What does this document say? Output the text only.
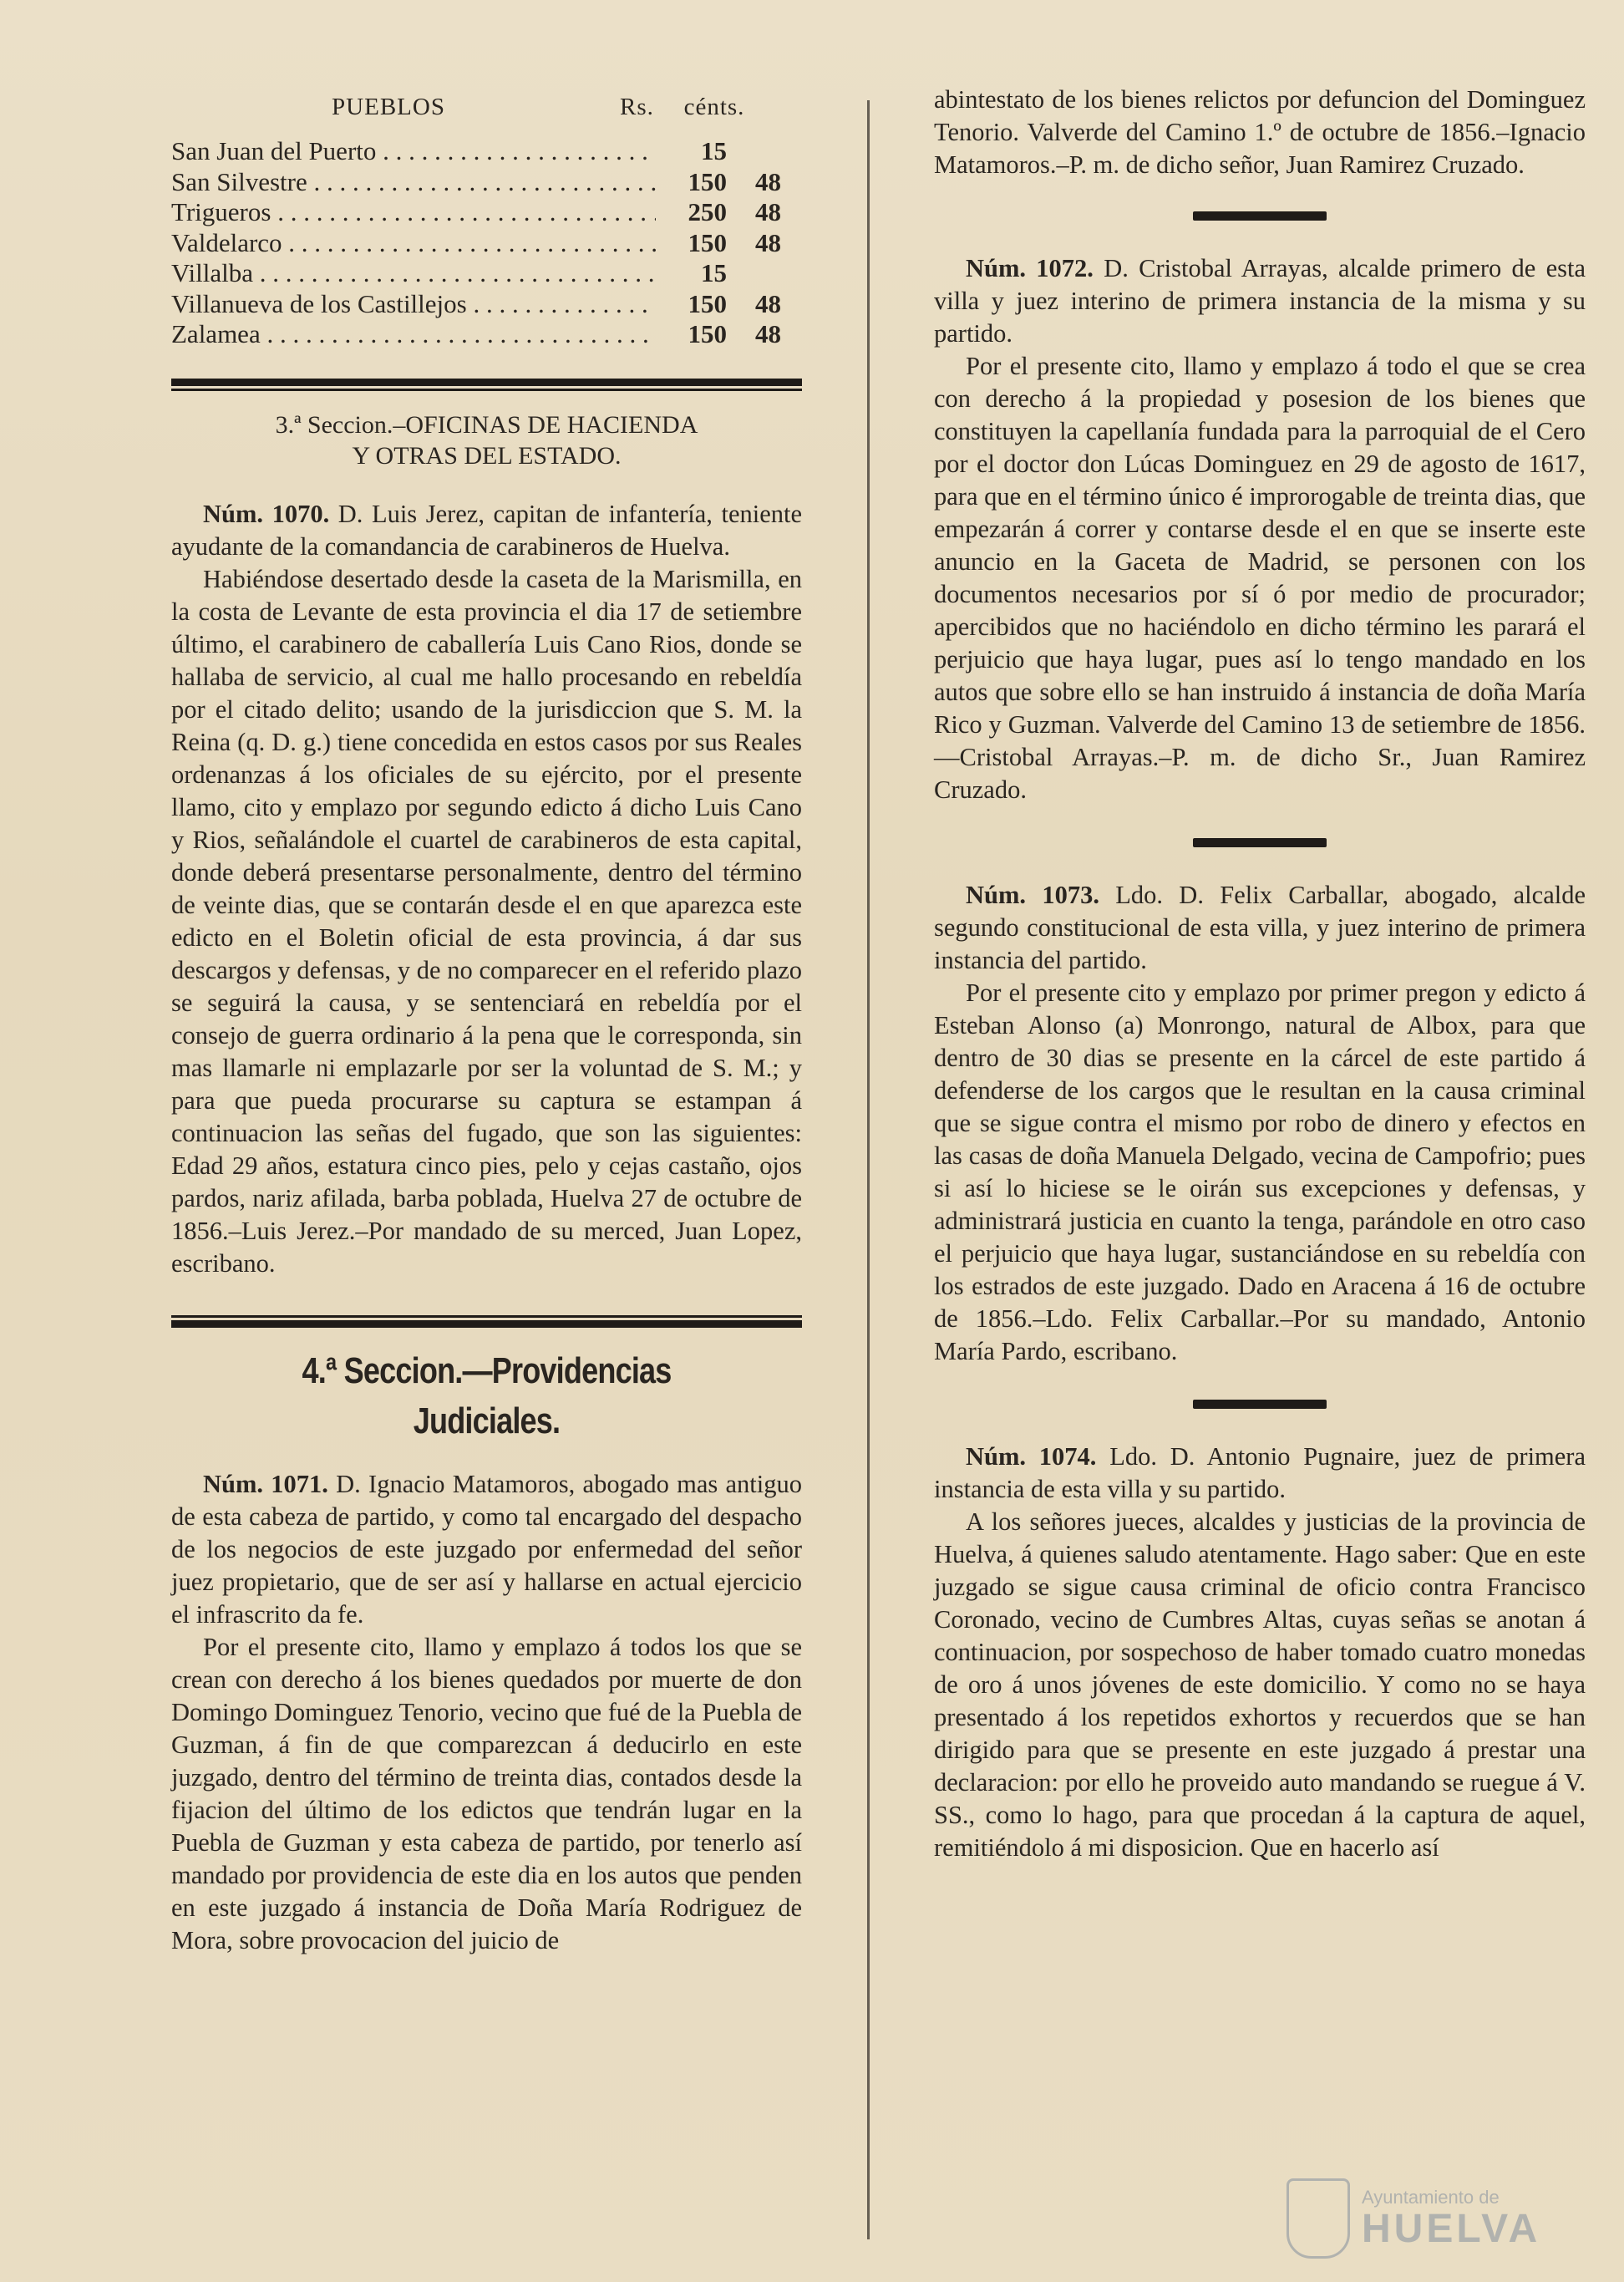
PUEBLOS	Rs.	cénts.
San Juan del Puerto . . .	15
San Silvestre . . .	150	48
Trigueros . . .	250	48
Valdelarco . . .	150	48
Villalba . . .	15
Villanueva de los Castillejos . . .	150	48
Zalamea . . .	150	48

3.ª Seccion.–OFICINAS DE HACIENDA

Y OTRAS DEL ESTADO.

Núm. 1070. D. Luis Jerez, capitan de infantería, teniente ayudante de la comandancia de carabineros de Huelva.

Habiéndose desertado desde la caseta de la Marismilla, en la costa de Levante de esta provincia el dia 17 de setiembre último, el carabinero de caballería Luis Cano Rios, donde se hallaba de servicio, al cual me hallo procesando en rebeldía por el citado delito; usando de la jurisdiccion que S. M. la Reina (q. D. g.) tiene concedida en estos casos por sus Reales ordenanzas á los oficiales de su ejército, por el presente llamo, cito y emplazo por segundo edicto á dicho Luis Cano y Rios, señalándole el cuartel de carabineros de esta capital, donde deberá presentarse personalmente, dentro del término de veinte dias, que se contarán desde el en que aparezca este edicto en el Boletin oficial de esta provincia, á dar sus descargos y defensas, y de no comparecer en el referido plazo se seguirá la causa, y se sentenciará en rebeldía por el consejo de guerra ordinario á la pena que le corresponda, sin mas llamarle ni emplazarle por ser la voluntad de S. M.; y para que pueda procurarse su captura se estampan á continuacion las señas del fugado, que son las siguientes: Edad 29 años, estatura cinco pies, pelo y cejas castaño, ojos pardos, nariz afilada, barba poblada, Huelva 27 de octubre de 1856.–Luis Jerez.–Por mandado de su merced, Juan Lopez, escribano.

4.ª Seccion.—Providencias Judiciales.

Núm. 1071. D. Ignacio Matamoros, abogado mas antiguo de esta cabeza de partido, y como tal encargado del despacho de los negocios de este juzgado por enfermedad del señor juez propietario, que de ser así y hallarse en actual ejercicio el infrascrito da fe.

Por el presente cito, llamo y emplazo á todos los que se crean con derecho á los bienes quedados por muerte de don Domingo Dominguez Tenorio, vecino que fué de la Puebla de Guzman, á fin de que comparezcan á deducirlo en este juzgado, dentro del término de treinta dias, contados desde la fijacion del último de los edictos que tendrán lugar en la Puebla de Guzman y esta cabeza de partido, por tenerlo así mandado por providencia de este dia en los autos que penden en este juzgado á instancia de Doña María Rodriguez de Mora, sobre provocacion del juicio de

abintestato de los bienes relictos por defuncion del Dominguez Tenorio. Valverde del Camino 1.º de octubre de 1856.–Ignacio Matamoros.–P. m. de dicho señor, Juan Ramirez Cruzado.

Núm. 1072. D. Cristobal Arrayas, alcalde primero de esta villa y juez interino de primera instancia de la misma y su partido.

Por el presente cito, llamo y emplazo á todo el que se crea con derecho á la propiedad y posesion de los bienes que constituyen la capellanía fundada para la parroquial de el Cero por el doctor don Lúcas Dominguez en 29 de agosto de 1617, para que en el término único é improrogable de treinta dias, que empezarán á correr y contarse desde el en que se inserte este anuncio en la Gaceta de Madrid, se personen con los documentos necesarios por sí ó por medio de procurador; apercibidos que no haciéndolo en dicho término les parará el perjuicio que haya lugar, pues así lo tengo mandado en los autos que sobre ello se han instruido á instancia de doña María Rico y Guzman. Valverde del Camino 13 de setiembre de 1856.—Cristobal Arrayas.–P. m. de dicho Sr., Juan Ramirez Cruzado.

Núm. 1073. Ldo. D. Felix Carballar, abogado, alcalde segundo constitucional de esta villa, y juez interino de primera instancia del partido.

Por el presente cito y emplazo por primer pregon y edicto á Esteban Alonso (a) Monrongo, natural de Albox, para que dentro de 30 dias se presente en la cárcel de este partido á defenderse de los cargos que le resultan en la causa criminal que se sigue contra el mismo por robo de dinero y efectos en las casas de doña Manuela Delgado, vecina de Campofrio; pues si así lo hiciese se le oirán sus excepciones y defensas, y administrará justicia en cuanto la tenga, parándole en otro caso el perjuicio que haya lugar, sustanciándose en su rebeldía con los estrados de este juzgado. Dado en Aracena á 16 de octubre de 1856.–Ldo. Felix Carballar.–Por su mandado, Antonio María Pardo, escribano.

Núm. 1074. Ldo. D. Antonio Pugnaire, juez de primera instancia de esta villa y su partido.

A los señores jueces, alcaldes y justicias de la provincia de Huelva, á quienes saludo atentamente. Hago saber: Que en este juzgado se sigue causa criminal de oficio contra Francisco Coronado, vecino de Cumbres Altas, cuyas señas se anotan á continuacion, por sospechoso de haber tomado cuatro monedas de oro á unos jóvenes de este domicilio. Y como no se haya presentado á los repetidos exhortos y recuerdos que se han dirigido para que se presente en este juzgado á prestar una declaracion: por ello he proveido auto mandando se ruegue á V. SS., como lo hago, para que procedan á la captura de aquel, remitiéndolo á mi disposicion. Que en hacerlo así

Ayuntamiento de
HUELVA
